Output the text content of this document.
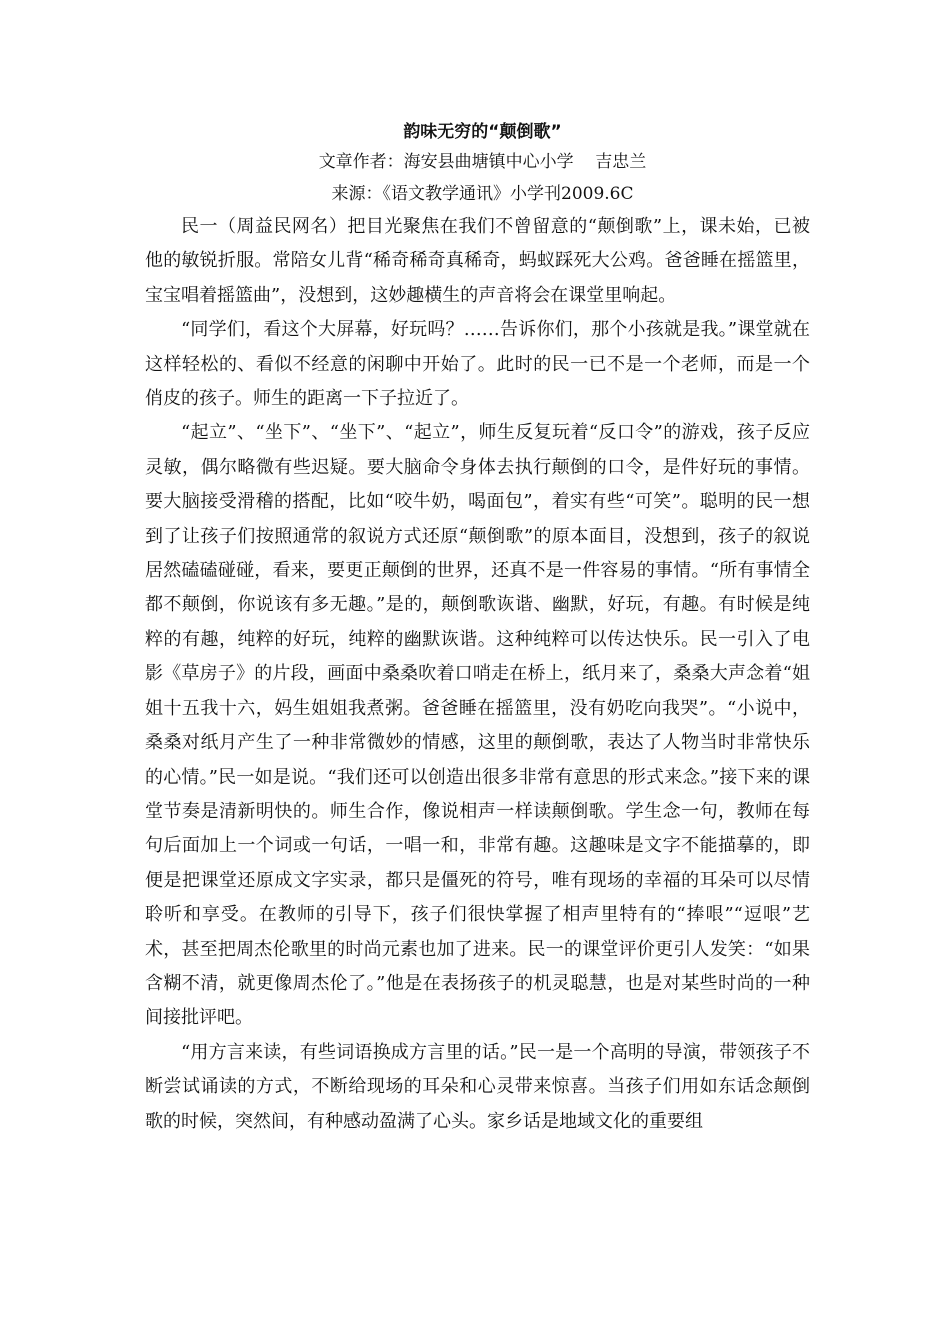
韵味无穷的“颠倒歌”

文章作者：海安县曲塘镇中心小学    吉忠兰

来源：《语文教学通讯》小学刊2009.6C

民一（周益民网名）把目光聚焦在我们不曾留意的“颠倒歌”上，课未始，已被他的敏锐折服。常陪女儿背“稀奇稀奇真稀奇，蚂蚁踩死大公鸡。爸爸睡在摇篮里，宝宝唱着摇篮曲”，没想到，这妙趣横生的声音将会在课堂里响起。

“同学们，看这个大屏幕，好玩吗？……告诉你们，那个小孩就是我。”课堂就在这样轻松的、看似不经意的闲聊中开始了。此时的民一已不是一个老师，而是一个俏皮的孩子。师生的距离一下子拉近了。

“起立”、“坐下”、“坐下”、“起立”，师生反复玩着“反口令”的游戏，孩子反应灵敏，偶尔略微有些迟疑。要大脑命令身体去执行颠倒的口令，是件好玩的事情。要大脑接受滑稽的搭配，比如“咬牛奶，喝面包”，着实有些“可笑”。聪明的民一想到了让孩子们按照通常的叙说方式还原“颠倒歌”的原本面目，没想到，孩子的叙说居然磕磕碰碰，看来，要更正颠倒的世界，还真不是一件容易的事情。“所有事情全都不颠倒，你说该有多无趣。”是的，颠倒歌诙谐、幽默，好玩，有趣。有时候是纯粹的有趣，纯粹的好玩，纯粹的幽默诙谐。这种纯粹可以传达快乐。民一引入了电影《草房子》的片段，画面中桑桑吹着口哨走在桥上，纸月来了，桑桑大声念着“姐姐十五我十六，妈生姐姐我煮粥。爸爸睡在摇篮里，没有奶吃向我哭”。“小说中，桑桑对纸月产生了一种非常微妙的情感，这里的颠倒歌，表达了人物当时非常快乐的心情。”民一如是说。“我们还可以创造出很多非常有意思的形式来念。”接下来的课堂节奏是清新明快的。师生合作，像说相声一样读颠倒歌。学生念一句，教师在每句后面加上一个词或一句话，一唱一和，非常有趣。这趣味是文字不能描摹的，即便是把课堂还原成文字实录，都只是僵死的符号，唯有现场的幸福的耳朵可以尽情聆听和享受。在教师的引导下，孩子们很快掌握了相声里特有的“捧哏”“逗哏”艺术，甚至把周杰伦歌里的时尚元素也加了进来。民一的课堂评价更引人发笑：“如果含糊不清，就更像周杰伦了。”他是在表扬孩子的机灵聪慧，也是对某些时尚的一种间接批评吧。

“用方言来读，有些词语换成方言里的话。”民一是一个高明的导演，带领孩子不断尝试诵读的方式，不断给现场的耳朵和心灵带来惊喜。当孩子们用如东话念颠倒歌的时候，突然间，有种感动盈满了心头。家乡话是地域文化的重要组
